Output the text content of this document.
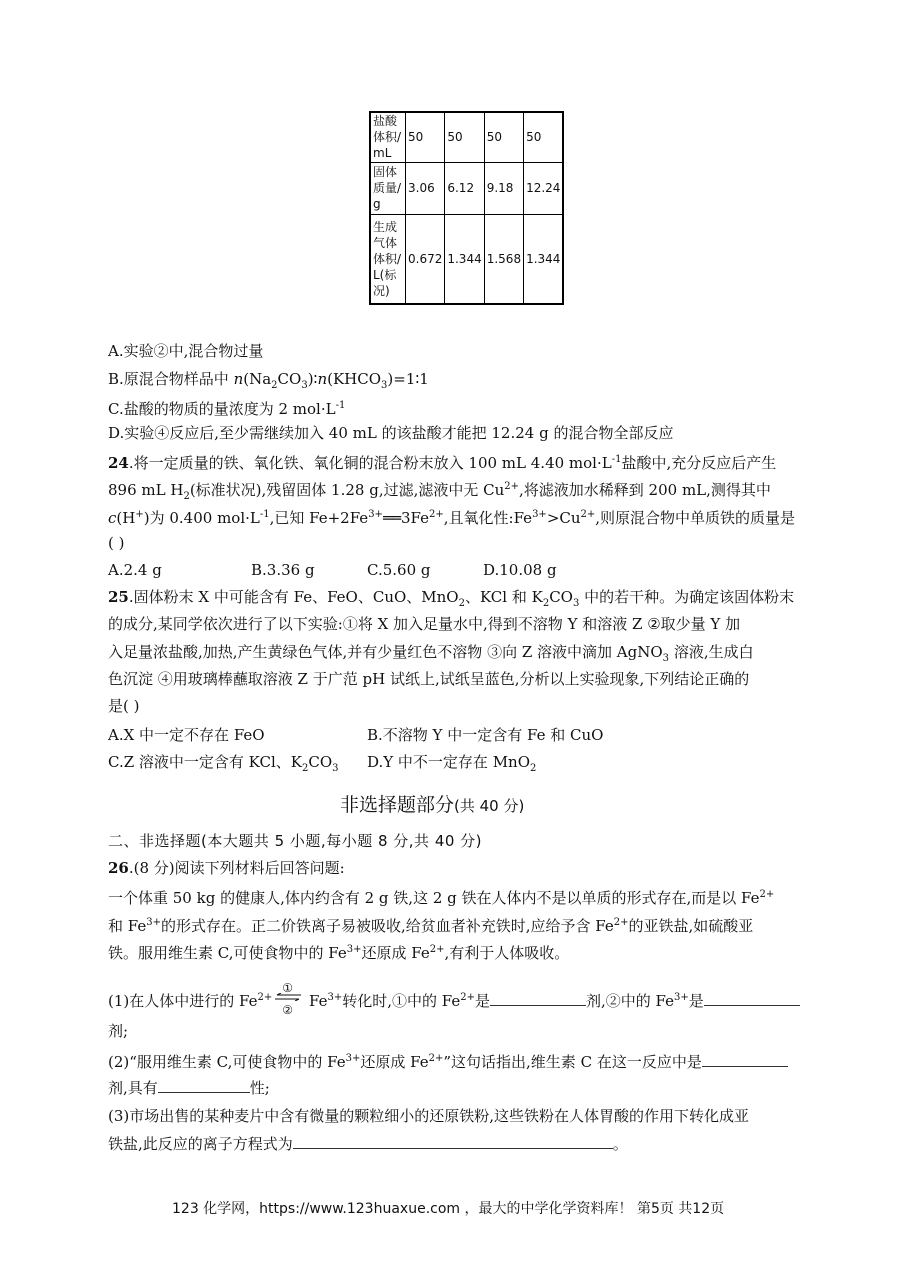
盐酸体积/mL	50	50	50	50
固体质量/g	3.06	6.12	9.18	12.24
生成气体体积/L(标况)	0.672	1.344	1.568	1.344
A.实验②中,混合物过量
B.原混合物样品中 $n(Na_2CO_3)∶n(KHCO_3)=1∶1$
C.盐酸的物质的量浓度为 2 $mol\cdot L^{-1}$
D.实验④反应后,至少需继续加入 40 mL 的该盐酸才能把 12.24 g 的混合物全部反应
24.将一定质量的铁、氧化铁、氧化铜的混合粉末放入 100 mL 4.40 $mol\cdot L^{-1}$盐酸中,充分反应后产生
896 mL $H_2$(标准状况),残留固体 1.28 g,过滤,滤液中无 $Cu^{2+}$,将滤液加水稀释到 200 mL,测得其中
c(H+)为 0.400 $mol\cdot L^{-1}$,已知 $Fe+2Fe^{3+}══3Fe^{2+}$,且氧化性$:Fe^{3+}>Cu^{2+}$,则原混合物中单质铁的质量是
( )
A.2.4 g	B.3.36 g	C.5.60 g	D.10.08 g
25.固体粉末 X 中可能含有 Fe、FeO、CuO、MnO$_2$、KCl 和 $K_2CO_3$ 中的若干种。为确定该固体粉末
的成分,某同学依次进行了以下实验:①将 X 加入足量水中,得到不溶物 Y 和溶液 Z ②取少量 Y 加
入足量浓盐酸,加热,产生黄绿色气体,并有少量红色不溶物 ③向 Z 溶液中滴加 AgNO$_3$ 溶液,生成白
色沉淀 ④用玻璃棒蘸取溶液 Z 于广范 pH 试纸上,试纸呈蓝色,分析以上实验现象,下列结论正确的
是( )
A.X 中一定不存在 FeO	B.不溶物 Y 中一定含有 Fe 和 CuO
C.Z 溶液中一定含有 KCl、$K_2CO_3$ D.Y 中不一定存在 MnO$_2$
非选择题部分(共 40 分)
二、非选择题(本大题共 5 小题,每小题 8 分,共 40 分)
26.(8 分)阅读下列材料后回答问题:
一个体重 50 kg 的健康人,体内约含有 2 g 铁,这 2 g 铁在人体内不是以单质的形式存在,而是以 $Fe^{2+}$
和 $Fe^{3+}$的形式存在。正二价铁离子易被吸收,给贫血者补充铁时,应给予含 $Fe^{2+}$的亚铁盐,如硫酸亚
铁。服用维生素 C,可使食物中的 $Fe^{3+}$还原成 $Fe^{2+}$,有利于人体吸收。
(1)在人体中进行的 $Fe^{2+}$
①
② $Fe^{3+}$转化时,①中的 $Fe^{2+}$是	剂,②中的 $Fe^{3+}$是
剂;
(2)“服用维生素 C,可使食物中的 $Fe^{3+}$还原成 $Fe^{2+}$”这句话指出,维生素 C 在这一反应中是
剂,具有	性;
(3)市场出售的某种麦片中含有微量的颗粒细小的还原铁粉,这些铁粉在人体胃酸的作用下转化成亚
铁盐,此反应的离子方程式为	。
123 化学网，https://www.123huaxue.com ，最大的中学化学资料库！ 第5页 共12页
